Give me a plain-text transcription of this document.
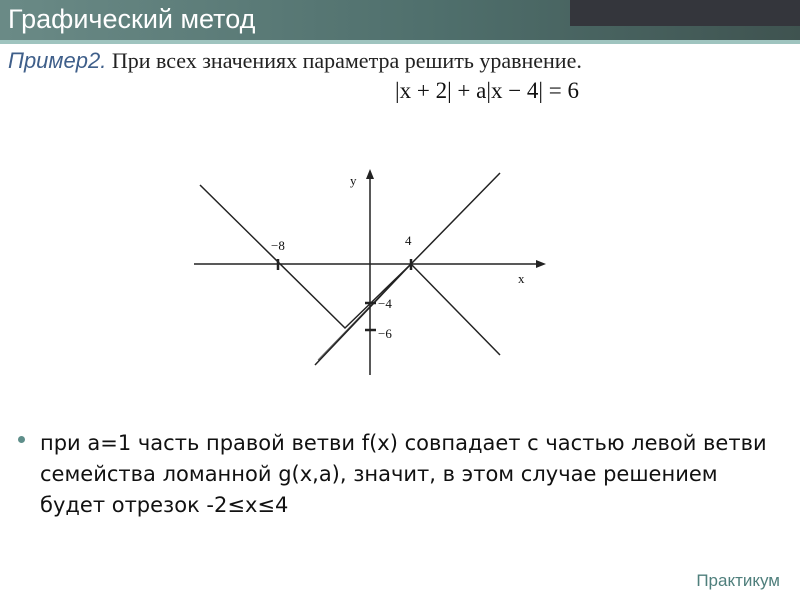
Графический метод
Пример2. При всех значениях параметра решить уравнение.
|x + 2| + a|x − 4| = 6
y
x
−8	4
−4
−6
при a=1 часть правой ветви f(x) совпадает с частью левой ветви семейства ломанной g(x,a), значит, в этом случае решением будет отрезок -2≤x≤4
Практикум
